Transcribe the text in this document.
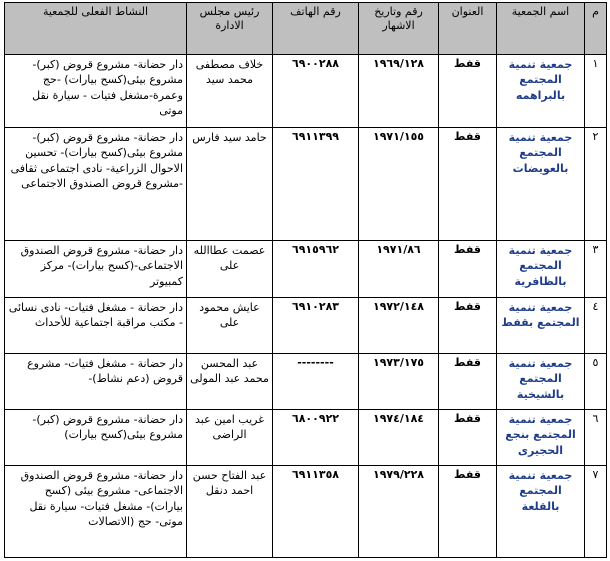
م	اسم الجمعية	العنوان	رقم وتاريخ الاشهار	رقم الهاتف	رئيس مجلس الادارة	النشاط الفعلى للجمعية
١	جمعية تنمية المجتمع بالبراهمه	قفط	١٩٦٩/١٢٨	٦٩٠٠٢٨٨	خلاف مصطفى محمد سيد	دار حضانة- مشروع قروض (كبر)-مشروع بيئى(كسح بيارات) -حج وعمرة-مشغل فتيات - سيارة نقل موتى
٢	جمعية تنمية المجتمع بالعويضات	قفط	١٩٧١/١٥٥	٦٩١١٣٩٩	حامد سيد فارس	دار حضانة- مشروع قروض (كبر)-مشروع بيئى(كسح بيارات)- تحسين الاحوال الزراعية- نادى اجتماعى ثقافى -مشروع قروض الصندوق الاجتماعى
٣	جمعية تنمية المجتمع بالظافرية	قفط	١٩٧١/٨٦	٦٩١٥٩٦٢	عصمت عطاالله على	دار حضانة- مشروع قروض الصندوق الاجتماعى-(كسح بيارات)- مركز كمبيوتر
٤	جمعية تنمية المجتمع بقفط	قفط	١٩٧٢/١٤٨	٦٩١٠٢٨٣	عايش محمود على	دار حضانة - مشغل فتيات- نادى نسائى - مكتب مراقبة اجتماعية للأحداث
٥	جمعية تنمية المجتمع بالشيخية	قفط	١٩٧٣/١٧٥	--------	عبد المحسن محمد عبد المولى	دار حضانة - مشغل فتيات- مشروع قروض (دعم نشاط)-
٦	جمعية تنمية المجتمع بنجع الحجيرى	قفط	١٩٧٤/١٨٤	٦٨٠٠٩٢٢	غريب امين عبد الراضى	دار حضانة- مشروع قروض (كبر)- مشروع بيئى(كسح بيارات)
٧	جمعية تنمية المجتمع بالقلعة	قفط	١٩٧٩/٢٢٨	٦٩١١٣٥٨	عبد الفتاح حسن احمد دنقل	دار حضانة- مشروع قروض الصندوق الاجتماعى- مشروع بيئى (كسح بيارات)- مشغل فتيات- سيارة نقل موتى- حج (الاتصالات
